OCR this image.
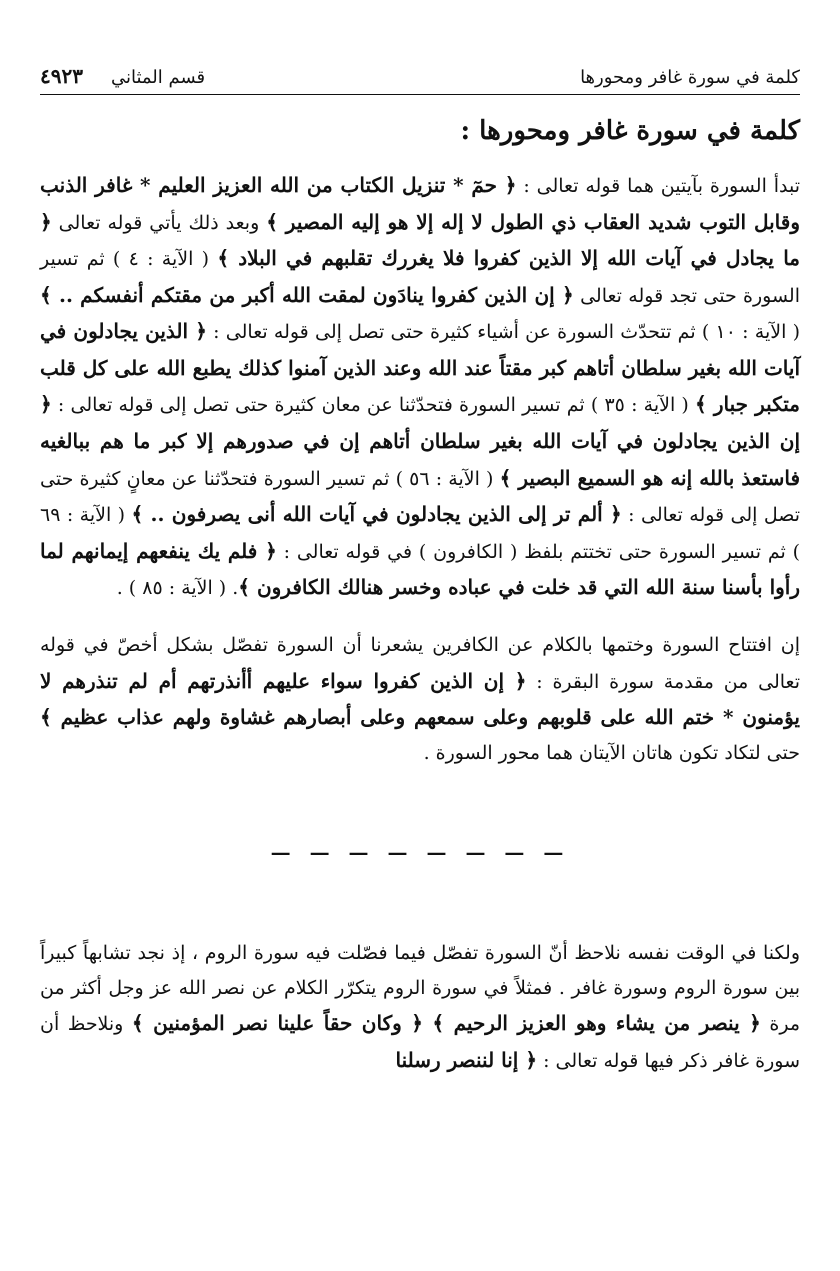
قسم المثاني
٤٩٢٣	كلمة في سورة غافر ومحورها
كلمة في سورة غافر ومحورها :

تبدأ السورة بآيتين هما قوله تعالى : ﴿ حمٓ * تنزيل الكتاب من الله العزيز العليم * غافر الذنب وقابل التوب شديد العقاب ذي الطول لا إله إلا هو إليه المصير ﴾ وبعد ذلك يأتي قوله تعالى ﴿ ما يجادل في آيات الله إلا الذين كفروا فلا يغررك تقلبهم في البلاد ﴾ ( الآية : ٤ ) ثم تسير السورة حتى تجد قوله تعالى ﴿ إن الذين كفروا ينادَون لمقت الله أكبر من مقتكم أنفسكم .. ﴾ ( الآية : ١٠ ) ثم تتحدّث السورة عن أشياء كثيرة حتى تصل إلى قوله تعالى : ﴿ الذين يجادلون في آيات الله بغير سلطان أتاهم كبر مقتاً عند الله وعند الذين آمنوا كذلك يطبع الله على كل قلب متكبر جبار ﴾ ( الآية : ٣٥ ) ثم تسير السورة فتحدّثنا عن معان كثيرة حتى تصل إلى قوله تعالى : ﴿ إن الذين يجادلون في آيات الله بغير سلطان أتاهم إن في صدورهم إلا كبر ما هم ببالغيه فاستعذ بالله إنه هو السميع البصير ﴾ ( الآية : ٥٦ ) ثم تسير السورة فتحدّثنا عن معانٍ كثيرة حتى تصل إلى قوله تعالى : ﴿ ألم تر إلى الذين يجادلون في آيات الله أنى يصرفون .. ﴾ ( الآية : ٦٩ ) ثم تسير السورة حتى تختتم بلفظ ( الكافرون ) في قوله تعالى : ﴿ فلم يك ينفعهم إيمانهم لما رأوا بأسنا سنة الله التي قد خلت في عباده وخسر هنالك الكافرون ﴾. ( الآية : ٨٥ ) .

إن افتتاح السورة وختمها بالكلام عن الكافرين يشعرنا أن السورة تفصّل بشكل أخصّ في قوله تعالى من مقدمة سورة البقرة : ﴿ إن الذين كفروا سواء عليهم أأنذرتهم أم لم تنذرهم لا يؤمنون * ختم الله على قلوبهم وعلى سمعهم وعلى أبصارهم غشاوة ولهم عذاب عظيم ﴾ حتى لتكاد تكون هاتان الآيتان هما محور السورة .

— — — — — — — —

ولكنا في الوقت نفسه نلاحظ أنّ السورة تفصّل فيما فصّلت فيه سورة الروم ، إذ نجد تشابهاً كبيراً بين سورة الروم وسورة غافر . فمثلاً في سورة الروم يتكرّر الكلام عن نصر الله عز وجل أكثر من مرة ﴿ ينصر من يشاء وهو العزيز الرحيم ﴾ ﴿ وكان حقاً علينا نصر المؤمنين ﴾ ونلاحظ أن سورة غافر ذكر فيها قوله تعالى : ﴿ إنا لننصر رسلنا
